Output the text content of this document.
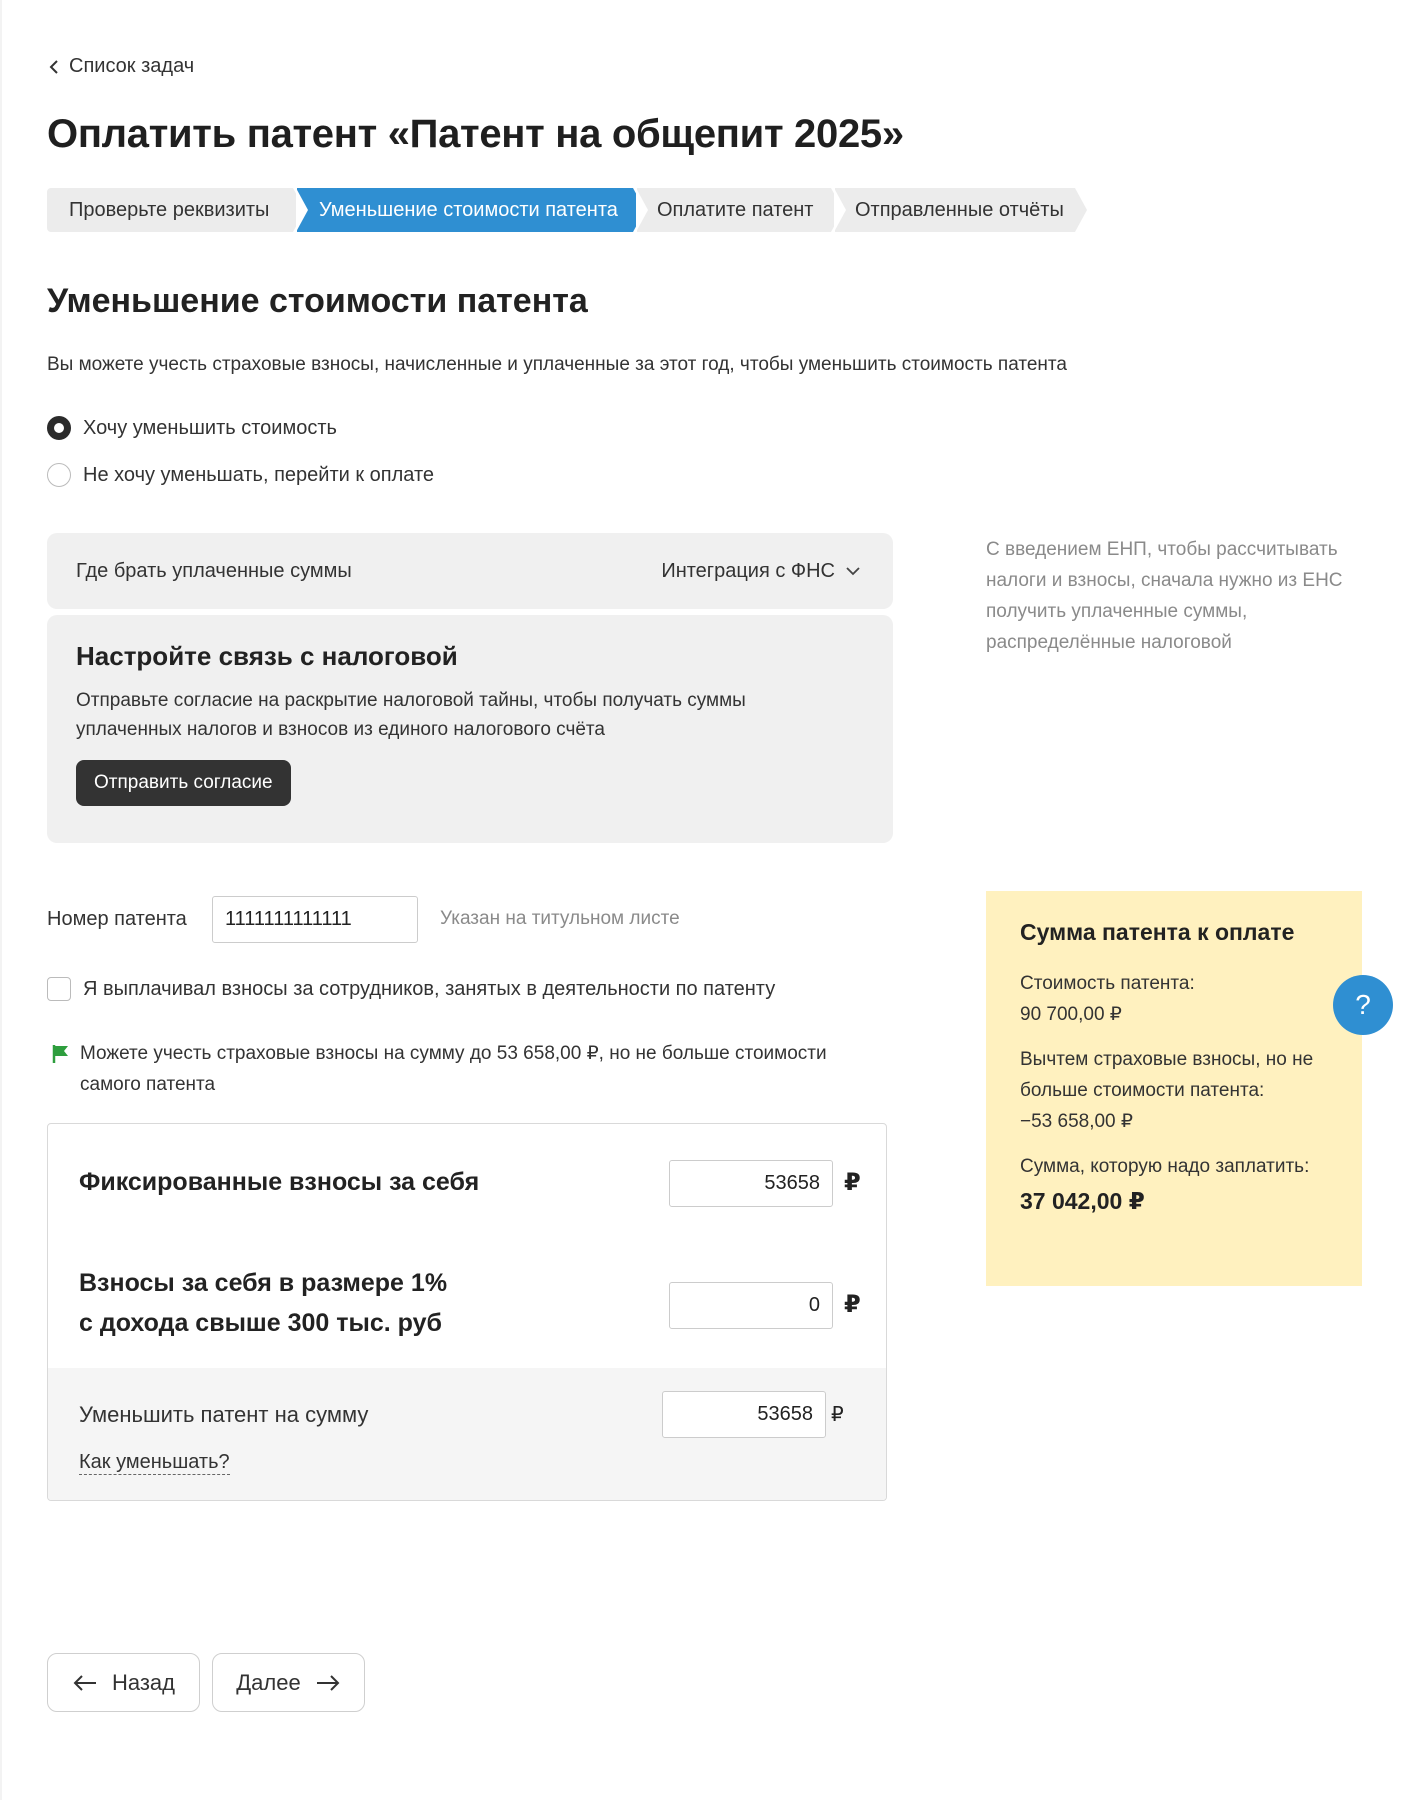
Список задач
Оплатить патент «Патент на общепит 2025»
Проверьте реквизиты	Уменьшение стоимости патента	Оплатите патент	Отправленные отчёты
Уменьшение стоимости патента
Вы можете учесть страховые взносы, начисленные и уплаченные за этот год, чтобы уменьшить стоимость патента
Хочу уменьшить стоимость
Не хочу уменьшать, перейти к оплате
Где брать уплаченные суммы	Интеграция с ФНС
Настройте связь с налоговой

Отправьте согласие на раскрытие налоговой тайны, чтобы получать суммы уплаченных налогов и взносов из единого налогового счёта

Отправить согласие
С введением ЕНП, чтобы рассчитывать налоги и взносы, сначала нужно из ЕНС получить уплаченные суммы, распределённые налоговой
Номер патента	1111111111111	Указан на титульном листе
Я выплачивал взносы за сотрудников, занятых в деятельности по патенту
Можете учесть страховые взносы на сумму до 53 658,00 ₽, но не больше стоимости самого патента
Фиксированные взносы за себя	53658	₽
Взносы за себя в размере 1%
с дохода свыше 300 тыс. руб
0	₽
Уменьшить патент на сумму	53658 ₽
Как уменьшать?
Сумма патента к оплате
Стоимость патента:
90 700,00 ₽
Вычтем страховые взносы, но не больше стоимости патента:
−53 658,00 ₽
Сумма, которую надо заплатить:
37 042,00 ₽
?
Назад	Далее
